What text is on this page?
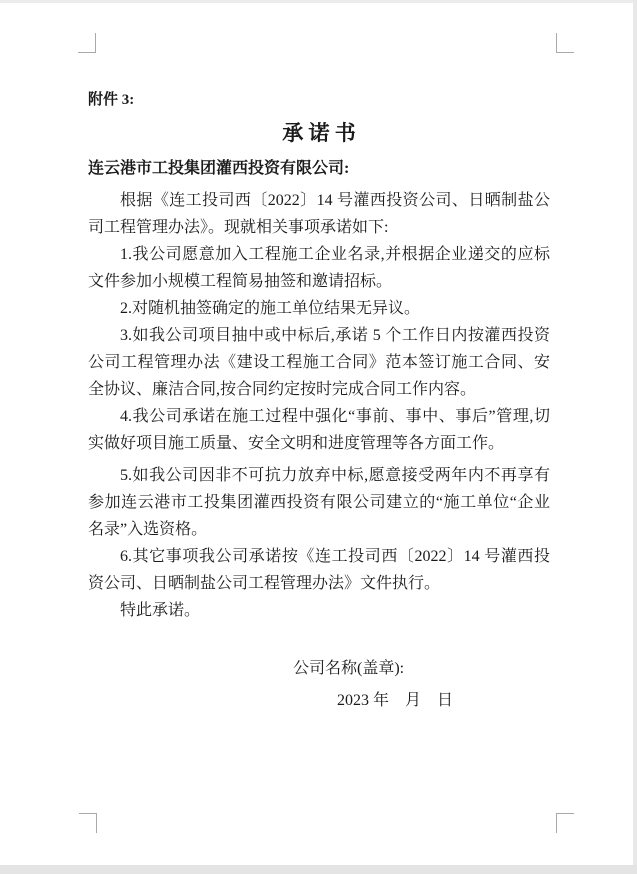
附件 3:

承 诺 书

连云港市工投集团灌西投资有限公司:

根据《连工投司西〔2022〕14 号灌西投资公司、日晒制盐公司工程管理办法》。现就相关事项承诺如下:

1.我公司愿意加入工程施工企业名录,并根据企业递交的应标文件参加小规模工程简易抽签和邀请招标。

2.对随机抽签确定的施工单位结果无异议。

3.如我公司项目抽中或中标后,承诺 5 个工作日内按灌西投资公司工程管理办法《建设工程施工合同》范本签订施工合同、安全协议、廉洁合同,按合同约定按时完成合同工作内容。

4.我公司承诺在施工过程中强化“事前、事中、事后”管理,切实做好项目施工质量、安全文明和进度管理等各方面工作。

5.如我公司因非不可抗力放弃中标,愿意接受两年内不再享有参加连云港市工投集团灌西投资有限公司建立的“施工单位“企业名录”入选资格。

6.其它事项我公司承诺按《连工投司西〔2022〕14 号灌西投资公司、日晒制盐公司工程管理办法》文件执行。

特此承诺。

公司名称(盖章):

2023 年　月　日
